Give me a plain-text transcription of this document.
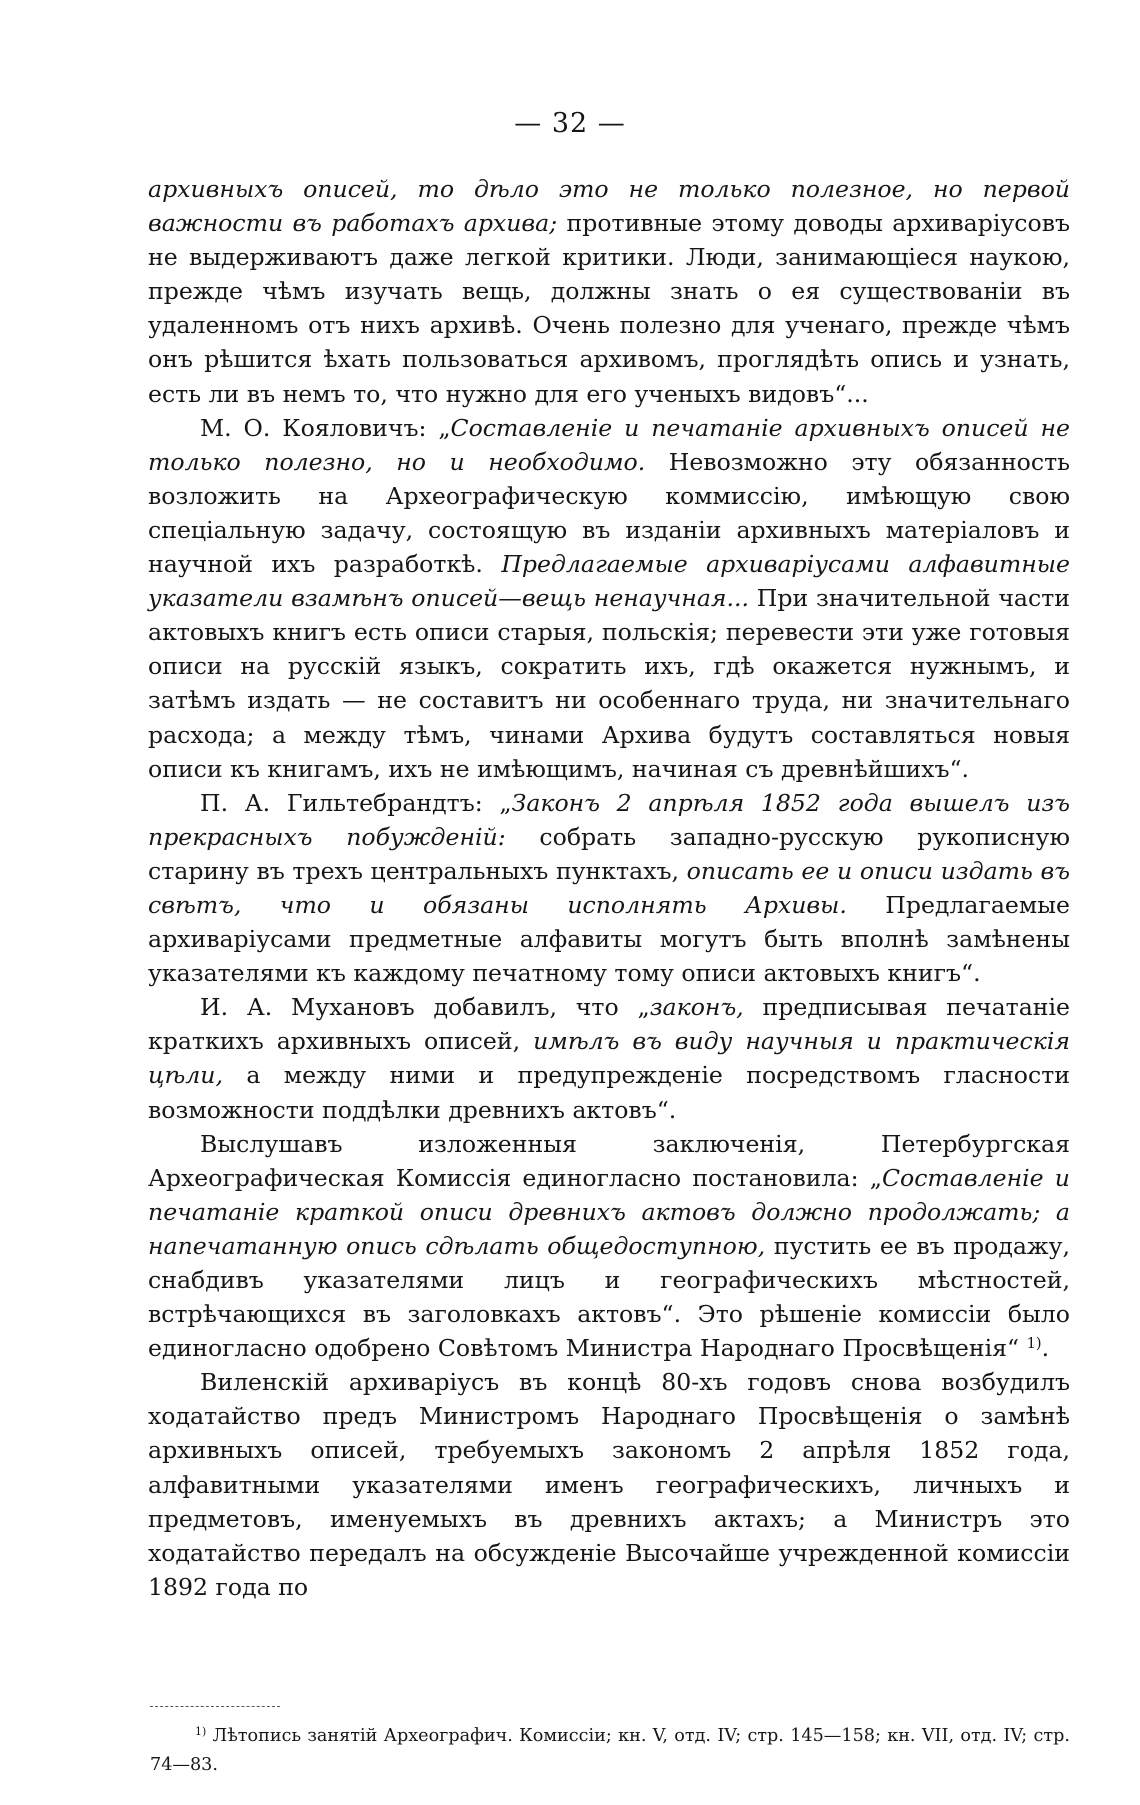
— 32 —

архивныхъ описей, то дѣло это не только полезное, но первой важности въ работахъ архива; противные этому доводы архиваріусовъ не выдерживаютъ даже легкой критики. Люди, занимающіеся наукою, прежде чѣмъ изучать вещь, должны знать о ея существованіи въ удаленномъ отъ нихъ архивѣ. Очень полезно для ученаго, прежде чѣмъ онъ рѣшится ѣхать пользоваться архивомъ, проглядѣть опись и узнать, есть ли въ немъ то, что нужно для его ученыхъ видовъ“...

М. О. Кояловичъ: „Составленіе и печатаніе архивныхъ описей не только полезно, но и необходимо. Невозможно эту обязанность возложить на Археографическую коммиссію, имѣющую свою спеціальную задачу, состоящую въ изданіи архивныхъ матеріаловъ и научной ихъ разработкѣ. Предлагаемые архиваріусами алфавитные указатели взамѣнъ описей—вещь ненаучная... При значительной части актовыхъ книгъ есть описи старыя, польскія; перевести эти уже готовыя описи на русскій языкъ, сократить ихъ, гдѣ окажется нужнымъ, и затѣмъ издать — не составитъ ни особеннаго труда, ни значительнаго расхода; а между тѣмъ, чинами Архива будутъ составляться новыя описи къ книгамъ, ихъ не имѣющимъ, начиная съ древнѣйшихъ“.

П. А. Гильтебрандтъ: „Законъ 2 апрѣля 1852 года вышелъ изъ прекрасныхъ побужденій: собрать западно-русскую рукописную старину въ трехъ центральныхъ пунктахъ, описать ее и описи издать въ свѣтъ, что и обязаны исполнять Архивы. Предлагаемые архиваріусами предметные алфавиты могутъ быть вполнѣ замѣнены указателями къ каждому печатному тому описи актовыхъ книгъ“.

И. А. Мухановъ добавилъ, что „законъ, предписывая печатаніе краткихъ архивныхъ описей, имѣлъ въ виду научныя и практическія цѣли, а между ними и предупрежденіе посредствомъ гласности возможности поддѣлки древнихъ актовъ“.

Выслушавъ изложенныя заключенія, Петербургская Археографическая Комиссія единогласно постановила: „Составленіе и печатаніе краткой описи древнихъ актовъ должно продолжать; а напечатанную опись сдѣлать общедоступною, пустить ее въ продажу, снабдивъ указателями лицъ и географическихъ мѣстностей, встрѣчающихся въ заголовкахъ актовъ“. Это рѣшеніе комиссіи было единогласно одобрено Совѣтомъ Министра Народнаго Просвѣщенія“ $^{1)}$.

Виленскій архиваріусъ въ концѣ 80-хъ годовъ снова возбудилъ ходатайство предъ Министромъ Народнаго Просвѣщенія о замѣнѣ архивныхъ описей, требуемыхъ закономъ 2 апрѣля 1852 года, алфавитными указателями именъ географическихъ, личныхъ и предметовъ, именуемыхъ въ древнихъ актахъ; а Министръ это ходатайство передалъ на обсужденіе Высочайше учрежденной комиссіи 1892 года по

$^{1)}$ Лѣтопись занятій Археографич. Комиссіи; кн. V, отд. IV; стр. 145—158; кн. VII, отд. IV; стр. 74—83.
